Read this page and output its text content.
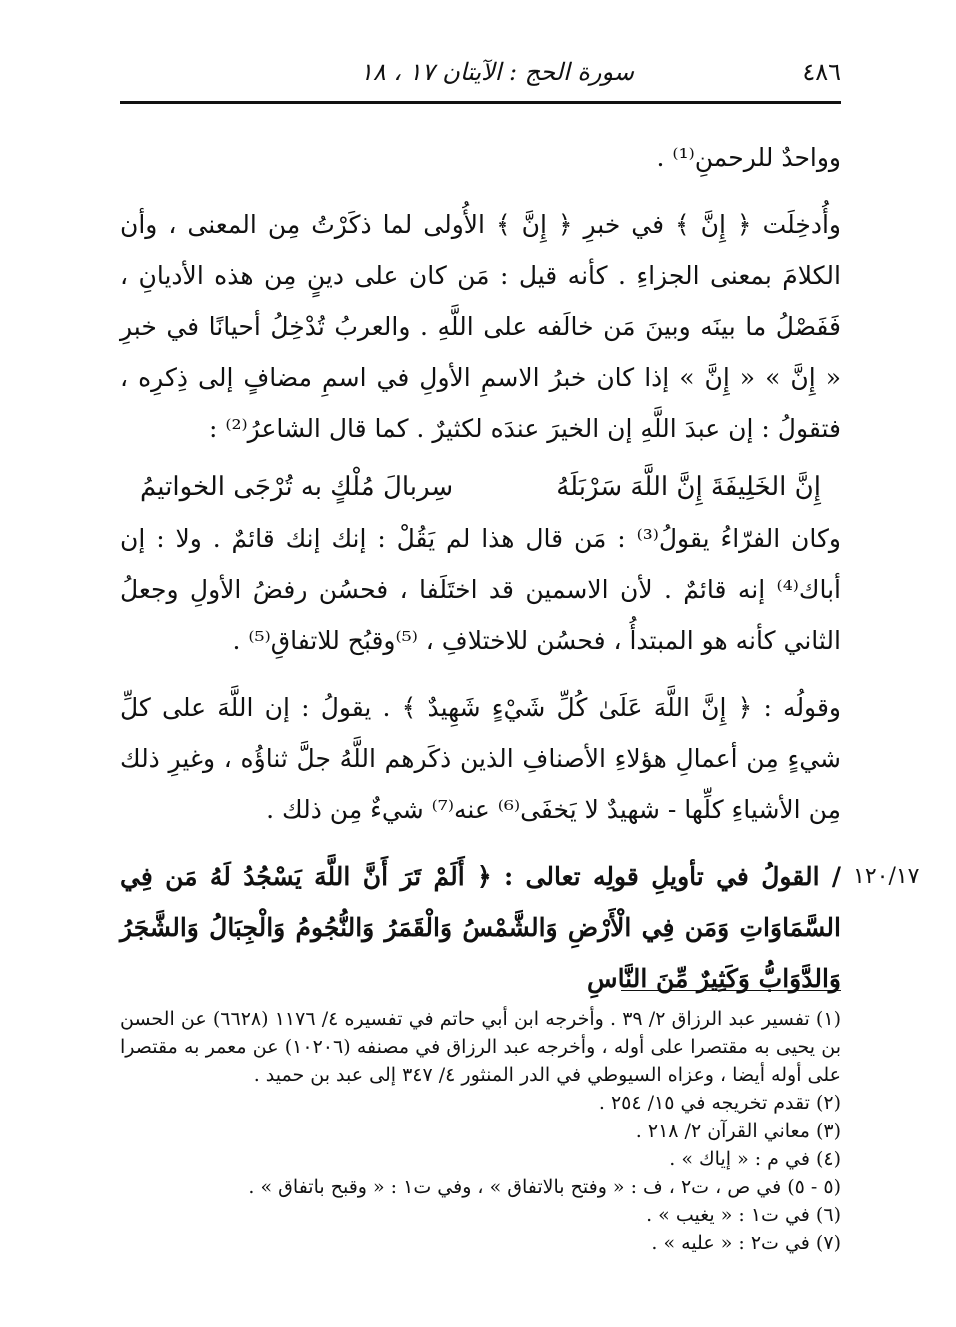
٤٨٦
سورة الحج : الآيتان ١٧ ، ١٨

وواحدٌ للرحمنِ⁽¹⁾ .

وأُدخِلَت ﴿ إِنَّ ﴾ في خبرِ ﴿ إِنَّ ﴾ الأُولى لما ذكَرْتُ مِن المعنى ، وأن الكلامَ بمعنى الجزاءِ . كأنه قيل : مَن كان على دينٍ مِن هذه الأديانِ ، فَفَصْلُ ما بينَه وبينَ مَن خالَفه على اللَّهِ . والعربُ تُدْخِلُ أحيانًا في خبرِ « إِنَّ » « إِنَّ » إذا كان خبرُ الاسمِ الأولِ في اسمِ مضافٍ إلى ذِكرِه ، فتقولُ : إن عبدَ اللَّهِ إن الخيرَ عندَه لكثيرٌ . كما قال الشاعرُ⁽²⁾ :

إِنَّ الخَلِيفَةَ إِنَّ اللَّهَ سَرْبَلَهُ
سِربالَ مُلْكٍ به تُرْجَى الخواتيمُ

وكان الفرّاءُ يقولُ⁽³⁾ : مَن قال هذا لم يَقُلْ : إنك إنك قائمٌ . ولا : إن أباك⁽⁴⁾ إنه قائمٌ . لأن الاسمين قد اختَلَفا ، فحسُن رفضُ الأولِ وجعلُ الثاني كأنه هو المبتدأُ ، فحسُن للاختلافِ ، ⁽⁵⁾وقبُح للاتفاقِ⁽⁵⁾ .

وقولُه : ﴿ إِنَّ اللَّهَ عَلَىٰ كُلِّ شَيْءٍ شَهِيدٌ ﴾ . يقولُ : إن اللَّهَ على كلِّ شيءٍ مِن أعمالِ هؤلاءِ الأصنافِ الذين ذكَرهم اللَّهُ جلَّ ثناؤُه ، وغيرِ ذلك مِن الأشياءِ كلِّها - شهيدٌ لا يَخفَى⁽⁶⁾ عنه⁽⁷⁾ شيءٌ مِن ذلك .

١٢٠/١٧
/ القولُ في تأويلِ قولِه تعالى : ﴿ أَلَمْ تَرَ أَنَّ اللَّهَ يَسْجُدُ لَهُ مَن فِي السَّمَاوَاتِ وَمَن فِي الْأَرْضِ وَالشَّمْسُ وَالْقَمَرُ وَالنُّجُومُ وَالْجِبَالُ وَالشَّجَرُ وَالدَّوَابُّ وَكَثِيرٌ مِّنَ النَّاسِ

(١) تفسير عبد الرزاق ٢/ ٣٩ . وأخرجه ابن أبي حاتم في تفسيره ٤/ ١١٧٦ (٦٦٢٨) عن الحسن بن يحيى به مقتصرا على أوله ، وأخرجه عبد الرزاق في مصنفه (١٠٢٠٦) عن معمر به مقتصرا على أوله أيضا ، وعزاه السيوطي في الدر المنثور ٤/ ٣٤٧ إلى عبد بن حميد .

(٢) تقدم تخريجه في ١٥/ ٢٥٤ .

(٣) معاني القرآن ٢/ ٢١٨ .

(٤) في م : « إياك » .

(٥ - ٥) في ص ، ت٢ ، ف : « وفتح بالاتفاق » ، وفي ت١ : « وقبح باتفاق » .

(٦) في ت١ : « يغيب » .

(٧) في ت٢ : « عليه » .
